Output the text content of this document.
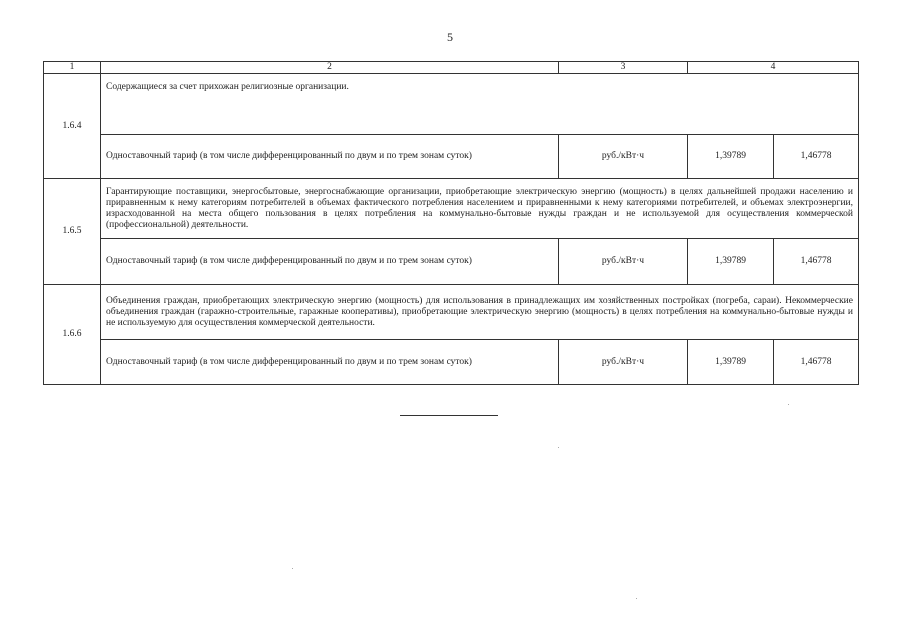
5
1	2	3	4	
1.6.4	Содержащиеся за счет прихожан религиозные организации.			
	Одноставочный тариф (в том числе дифференцированный по двум и по трем зонам суток)	руб./кВт·ч	1,39789	1,46778
1.6.5	Гарантирующие поставщики, энергосбытовые, энергоснабжающие организации, приобретающие электрическую энергию (мощность) в целях дальнейшей продажи населению и приравненным к нему категориям потребителей в объемах фактического потребления населением и приравненными к нему категориями потребителей, и объемах электроэнергии, израсходованной на места общего пользования в целях потребления на коммунально-бытовые нужды граждан и не используемой для осуществления коммерческой (профессиональной) деятельности.			
	Одноставочный тариф (в том числе дифференцированный по двум и по трем зонам суток)	руб./кВт·ч	1,39789	1,46778
1.6.6	Объединения граждан, приобретающих электрическую энергию (мощность) для использования в принадлежащих им хозяйственных постройках (погреба, сараи). Некоммерческие объединения граждан (гаражно-строительные, гаражные кооперативы), приобретающие электрическую энергию (мощность) в целях потребления на коммунально-бытовые нужды и не используемую для осуществления коммерческой деятельности.			
	Одноставочный тариф (в том числе дифференцированный по двум и по трем зонам суток)	руб./кВт·ч	1,39789	1,46778
